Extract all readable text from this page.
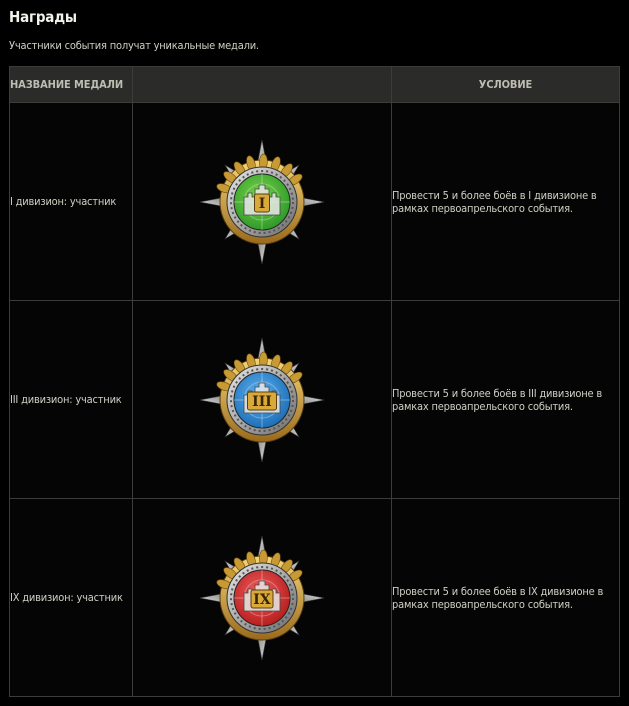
Награды
Участники события получат уникальные медали.
НАЗВАНИЕ МЕДАЛИ		УСЛОВИЕ
I дивизион: участник	I	Провести 5 и более боёв в I дивизионе в рамках первоапрельского события.
III дивизион: участник	III	Провести 5 и более боёв в III дивизионе в рамках первоапрельского события.
IX дивизион: участник	IX	Провести 5 и более боёв в IX дивизионе в рамках первоапрельского события.
